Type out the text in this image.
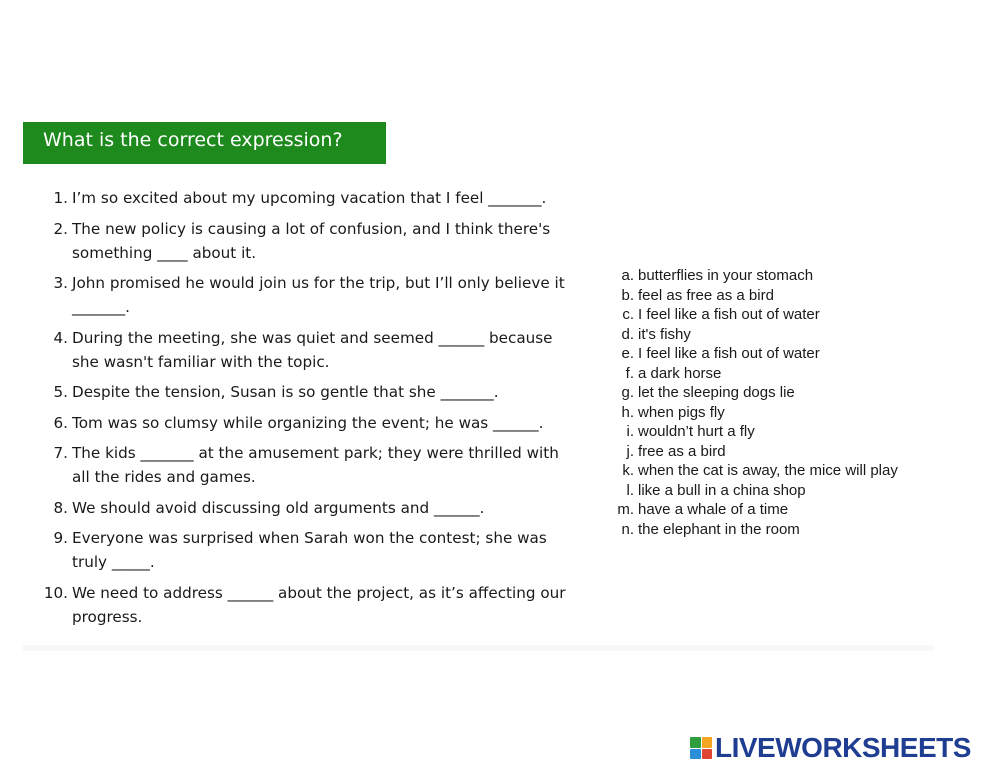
What is the correct expression?
1. I’m so excited about my upcoming vacation that I feel _______.
2. The new policy is causing a lot of confusion, and I think there's something ____ about it.
3. John promised he would join us for the trip, but I’ll only believe it _______.
4. During the meeting, she was quiet and seemed ______ because she wasn't familiar with the topic.
5. Despite the tension, Susan is so gentle that she _______.
6. Tom was so clumsy while organizing the event; he was ______.
7. The kids _______ at the amusement park; they were thrilled with all the rides and games.
8. We should avoid discussing old arguments and ______.
9. Everyone was surprised when Sarah won the contest; she was truly _____.
10. We need to address ______ about the project, as it’s affecting our progress.
a. butterflies in your stomach
b. feel as free as a bird
c. I feel like a fish out of water
d. it's fishy
e. I feel like a fish out of water
f. a dark horse
g. let the sleeping dogs lie
h. when pigs fly
i. wouldn’t hurt a fly
j. free as a bird
k. when the cat is away, the mice will play
l. like a bull in a china shop
m. have a whale of a time
n. the elephant in the room
LIVEWORKSHEETS
